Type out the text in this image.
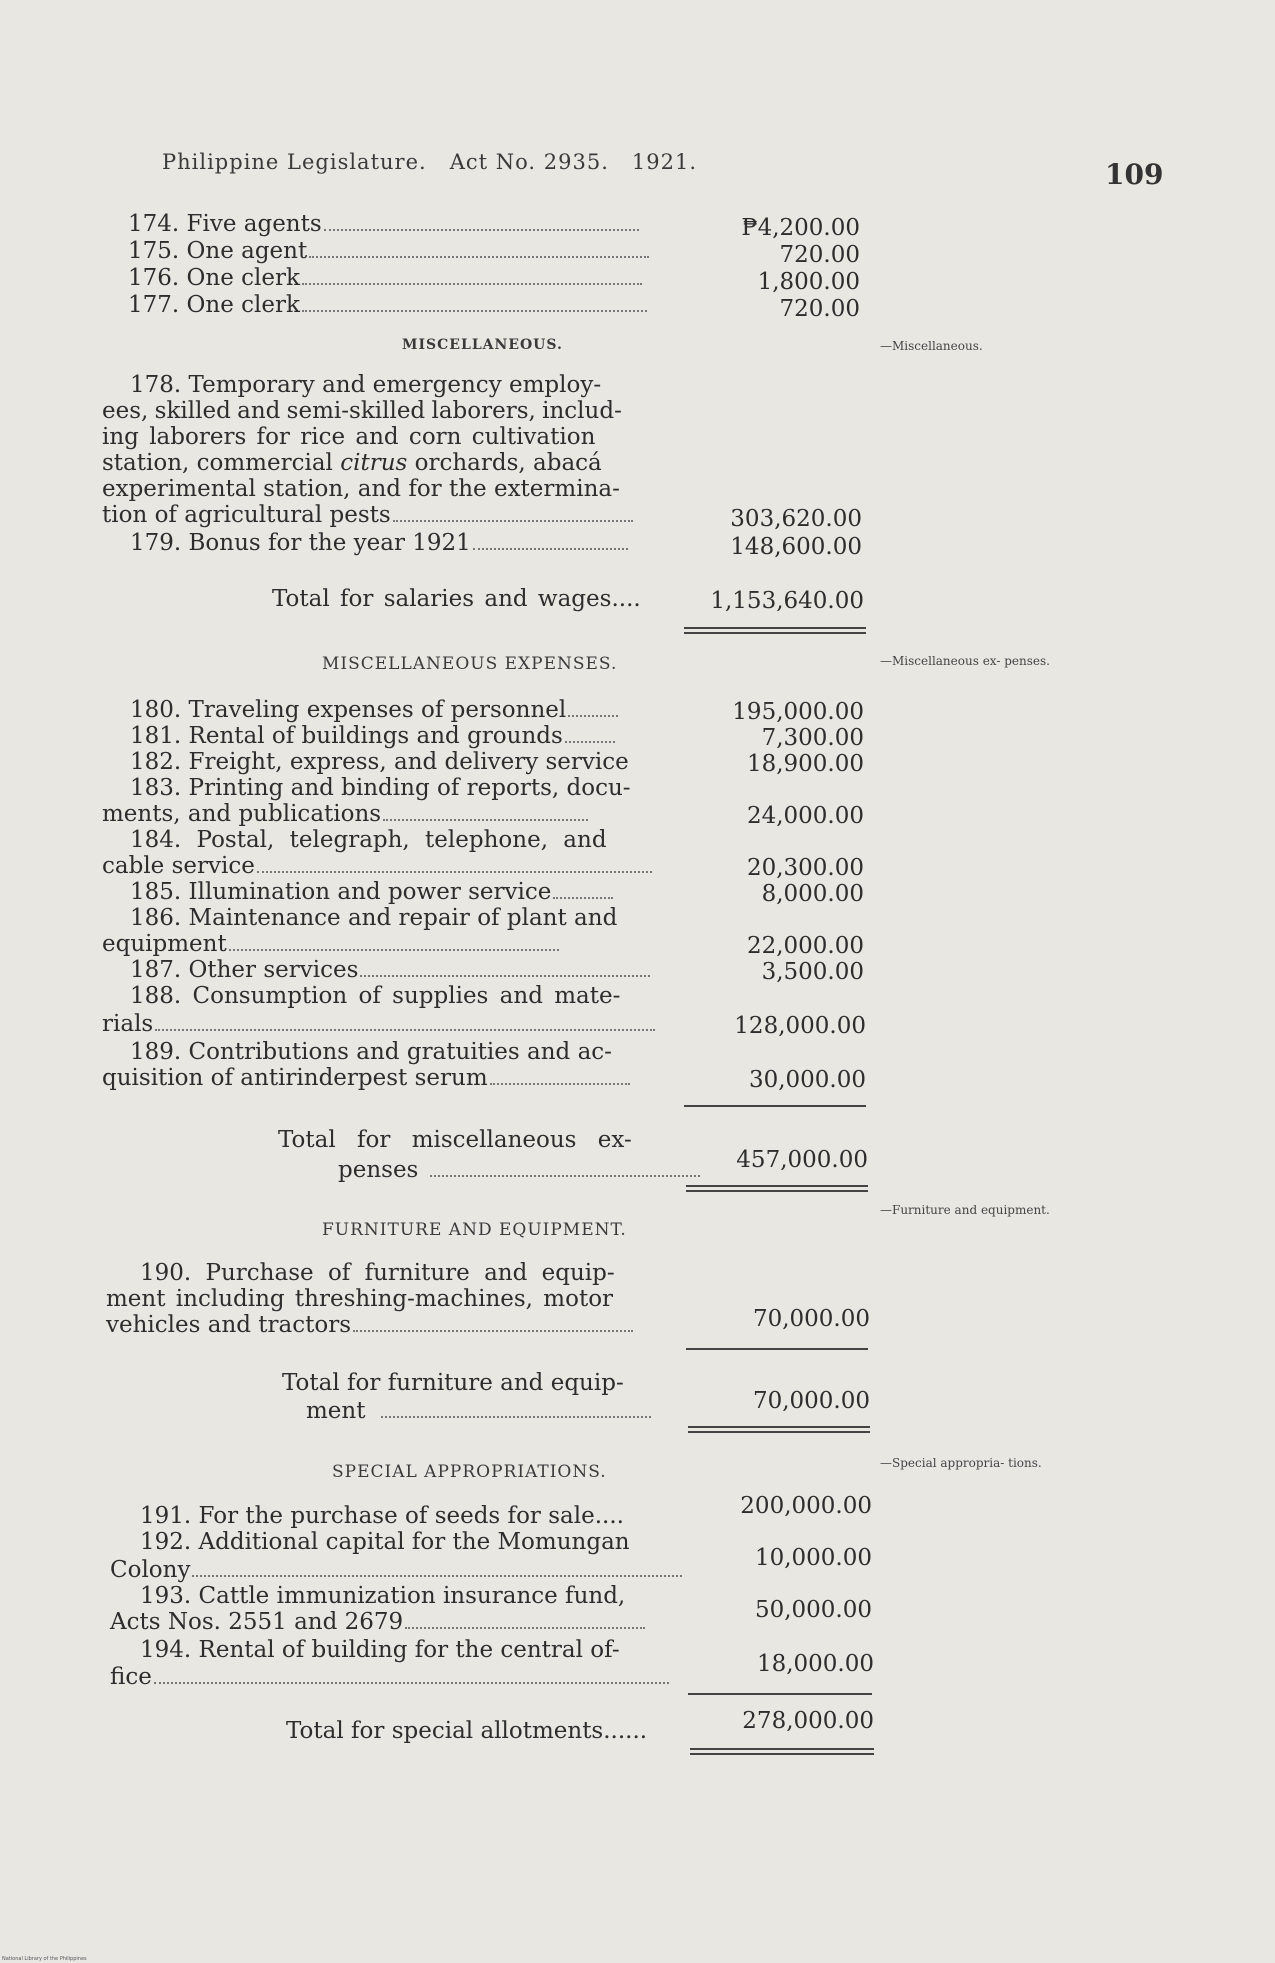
Philippine Legislature. Act No. 2935. 1921.	109
174. Five agents	₱4,200.00
175. One agent	720.00
176. One clerk	1,800.00
177. One clerk	720.00
MISCELLANEOUS.	—Miscellaneous.
178. Temporary and emergency employ-
ees, skilled and semi-skilled laborers, includ-
ing laborers for rice and corn cultivation
station, commercial citrus orchards, abacá
experimental station, and for the extermina-
tion of agricultural pests	303,620.00
179. Bonus for the year 1921	148,600.00
Total for salaries and wages....	1,153,640.00
MISCELLANEOUS EXPENSES.	—Miscellaneous ex- penses.
180. Traveling expenses of personnel	195,000.00
181. Rental of buildings and grounds	7,300.00
182. Freight, express, and delivery service	18,900.00
183. Printing and binding of reports, docu-
ments, and publications	24,000.00
184. Postal, telegraph, telephone, and
cable service	20,300.00
185. Illumination and power service	8,000.00
186. Maintenance and repair of plant and
equipment	22,000.00
187. Other services	3,500.00
188. Consumption of supplies and mate-
rials	128,000.00
189. Contributions and gratuities and ac-
quisition of antirinderpest serum	30,000.00
Total for miscellaneous ex-
penses	457,000.00
FURNITURE AND EQUIPMENT.
—Furniture and equipment.
190. Purchase of furniture and equip-
ment including threshing-machines, motor
vehicles and tractors	70,000.00
Total for furniture and equip-
ment	70,000.00
SPECIAL APPROPRIATIONS.	—Special appropria- tions.
191. For the purchase of seeds for sale....	200,000.00
192. Additional capital for the Momungan
Colony	10,000.00
193. Cattle immunization insurance fund,
Acts Nos. 2551 and 2679	50,000.00
194. Rental of building for the central of-
fice	18,000.00
Total for special allotments......	278,000.00
National Library of the Philippines
